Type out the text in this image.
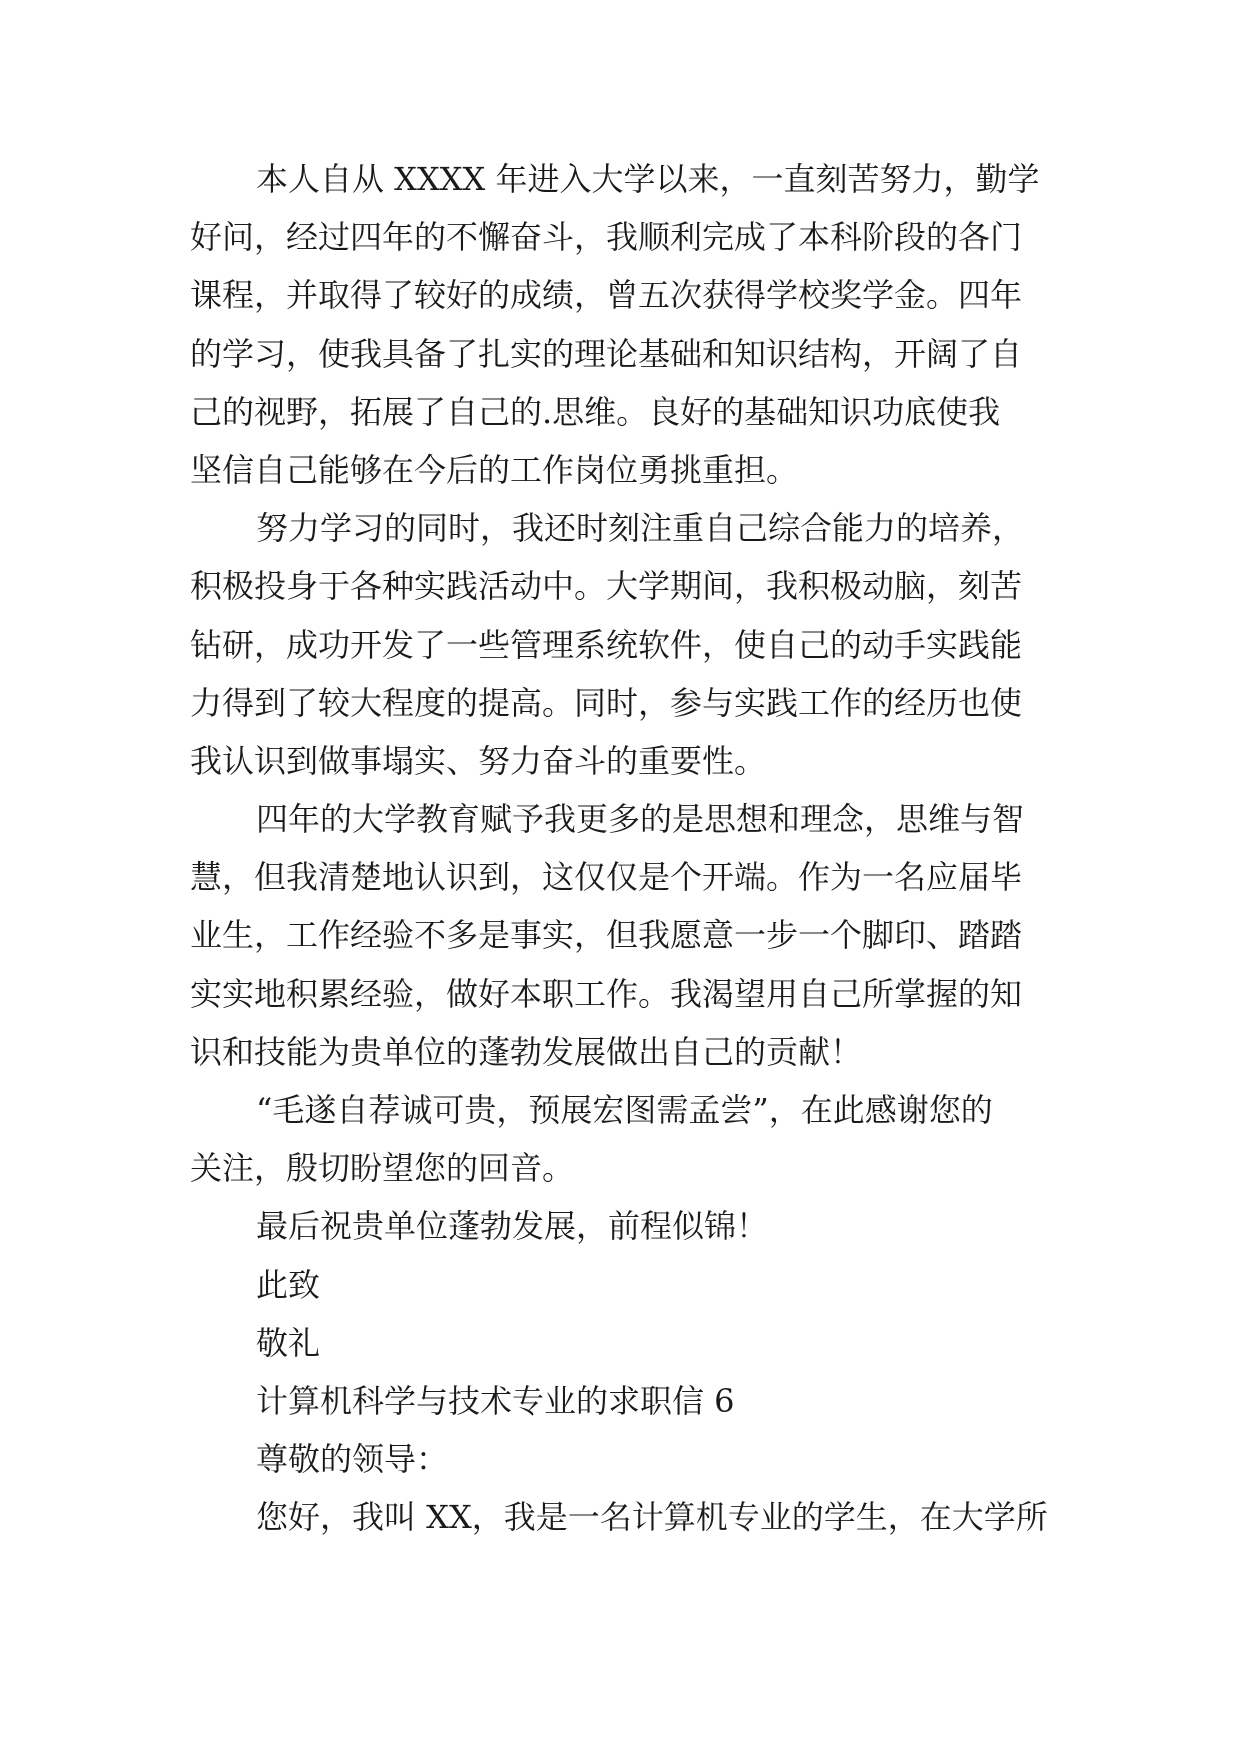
本人自从 XXXX 年进入大学以来，一直刻苦努力，勤学
好问，经过四年的不懈奋斗，我顺利完成了本科阶段的各门
课程，并取得了较好的成绩，曾五次获得学校奖学金。四年
的学习，使我具备了扎实的理论基础和知识结构，开阔了自
己的视野，拓展了自己的.思维。良好的基础知识功底使我
坚信自己能够在今后的工作岗位勇挑重担。
努力学习的同时，我还时刻注重自己综合能力的培养，
积极投身于各种实践活动中。大学期间，我积极动脑，刻苦
钻研，成功开发了一些管理系统软件，使自己的动手实践能
力得到了较大程度的提高。同时，参与实践工作的经历也使
我认识到做事塌实、努力奋斗的重要性。
四年的大学教育赋予我更多的是思想和理念，思维与智
慧，但我清楚地认识到，这仅仅是个开端。作为一名应届毕
业生，工作经验不多是事实，但我愿意一步一个脚印、踏踏
实实地积累经验，做好本职工作。我渴望用自己所掌握的知
识和技能为贵单位的蓬勃发展做出自己的贡献！
“毛遂自荐诚可贵，预展宏图需孟尝”，在此感谢您的
关注，殷切盼望您的回音。
最后祝贵单位蓬勃发展，前程似锦！
此致
敬礼
计算机科学与技术专业的求职信 6
尊敬的领导：
您好，我叫 XX，我是一名计算机专业的学生，在大学所
